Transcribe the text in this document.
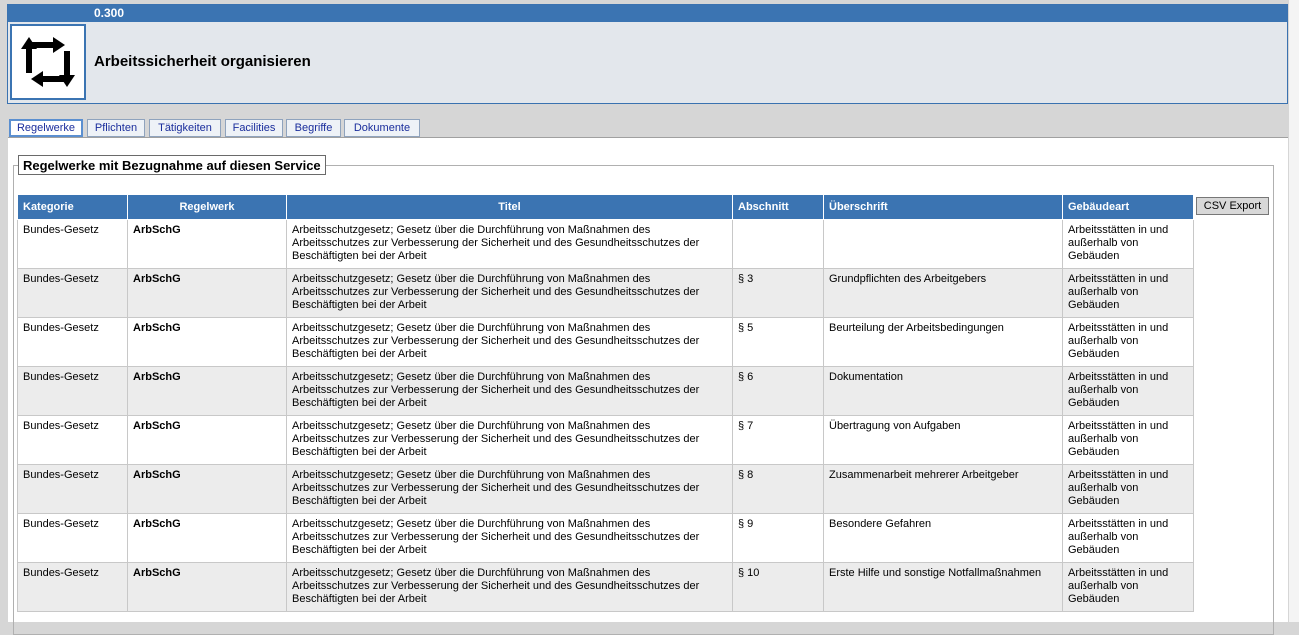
0.300
Arbeitssicherheit organisieren
Regelwerke	Pflichten	Tätigkeiten	Facilities	Begriffe	Dokumente
Regelwerke mit Bezugnahme auf diesen Service
Kategorie	Regelwerk	Titel	Abschnitt	Überschrift	Gebäudeart
Bundes-Gesetz	ArbSchG	Arbeitsschutzgesetz; Gesetz über die Durchführung von Maßnahmen des Arbeitsschutzes zur Verbesserung der Sicherheit und des Gesundheitsschutzes der Beschäftigten bei der Arbeit			Arbeitsstätten in und außerhalb von Gebäuden
Bundes-Gesetz	ArbSchG	Arbeitsschutzgesetz; Gesetz über die Durchführung von Maßnahmen des Arbeitsschutzes zur Verbesserung der Sicherheit und des Gesundheitsschutzes der Beschäftigten bei der Arbeit	§ 3	Grundpflichten des Arbeitgebers	Arbeitsstätten in und außerhalb von Gebäuden
Bundes-Gesetz	ArbSchG	Arbeitsschutzgesetz; Gesetz über die Durchführung von Maßnahmen des Arbeitsschutzes zur Verbesserung der Sicherheit und des Gesundheitsschutzes der Beschäftigten bei der Arbeit	§ 5	Beurteilung der Arbeitsbedingungen	Arbeitsstätten in und außerhalb von Gebäuden
Bundes-Gesetz	ArbSchG	Arbeitsschutzgesetz; Gesetz über die Durchführung von Maßnahmen des Arbeitsschutzes zur Verbesserung der Sicherheit und des Gesundheitsschutzes der Beschäftigten bei der Arbeit	§ 6	Dokumentation	Arbeitsstätten in und außerhalb von Gebäuden
Bundes-Gesetz	ArbSchG	Arbeitsschutzgesetz; Gesetz über die Durchführung von Maßnahmen des Arbeitsschutzes zur Verbesserung der Sicherheit und des Gesundheitsschutzes der Beschäftigten bei der Arbeit	§ 7	Übertragung von Aufgaben	Arbeitsstätten in und außerhalb von Gebäuden
Bundes-Gesetz	ArbSchG	Arbeitsschutzgesetz; Gesetz über die Durchführung von Maßnahmen des Arbeitsschutzes zur Verbesserung der Sicherheit und des Gesundheitsschutzes der Beschäftigten bei der Arbeit	§ 8	Zusammenarbeit mehrerer Arbeitgeber	Arbeitsstätten in und außerhalb von Gebäuden
Bundes-Gesetz	ArbSchG	Arbeitsschutzgesetz; Gesetz über die Durchführung von Maßnahmen des Arbeitsschutzes zur Verbesserung der Sicherheit und des Gesundheitsschutzes der Beschäftigten bei der Arbeit	§ 9	Besondere Gefahren	Arbeitsstätten in und außerhalb von Gebäuden
Bundes-Gesetz	ArbSchG	Arbeitsschutzgesetz; Gesetz über die Durchführung von Maßnahmen des Arbeitsschutzes zur Verbesserung der Sicherheit und des Gesundheitsschutzes der Beschäftigten bei der Arbeit	§ 10	Erste Hilfe und sonstige Notfallmaßnahmen	Arbeitsstätten in und außerhalb von Gebäuden
CSV Export
